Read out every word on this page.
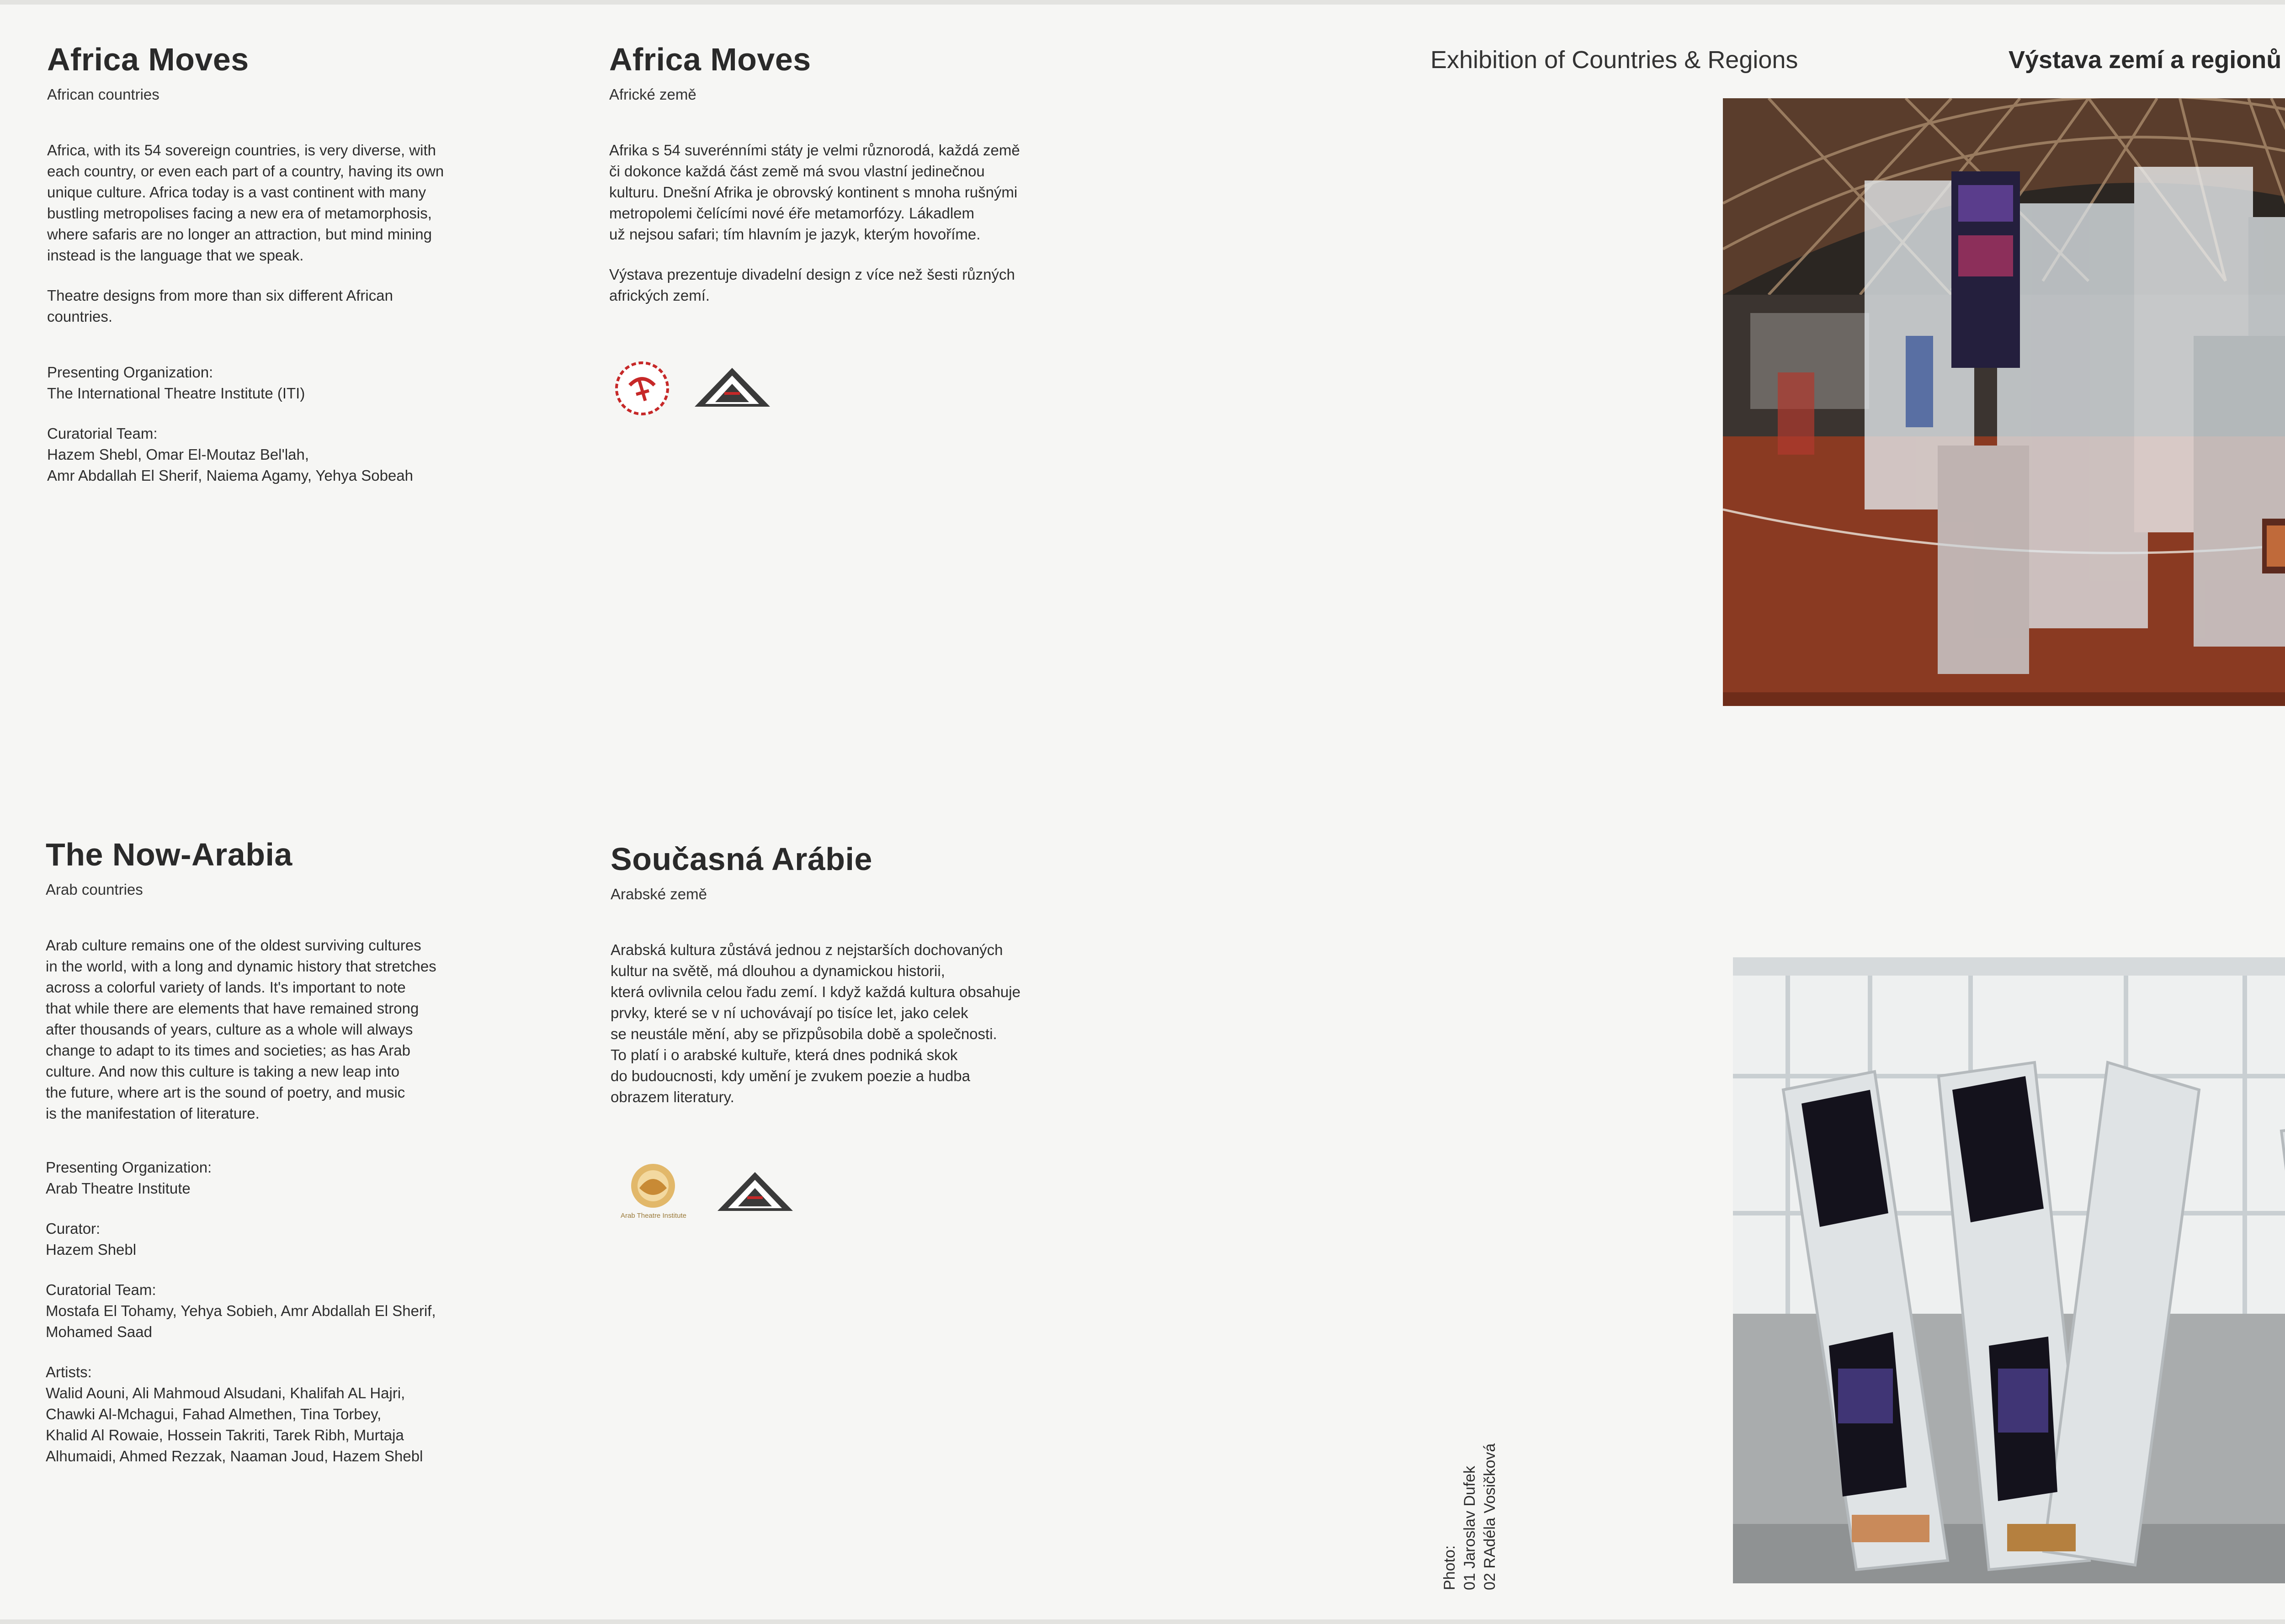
Exhibition of Countries & Regions	Výstava zemí a regionů
Africa Moves

African countries

Africa, with its 54 sovereign countries, is very diverse, with
each country, or even each part of a country, having its own
unique culture. Africa today is a vast continent with many
bustling metropolises facing a new era of metamorphosis,
where safaris are no longer an attraction, but mind mining
instead is the language that we speak.

Theatre designs from more than six different African
countries.

Presenting Organization:

The International Theatre Institute (ITI)

Curatorial Team:

Hazem Shebl, Omar El-Moutaz Bel'lah,
Amr Abdallah El Sherif, Naiema Agamy, Yehya Sobeah

Africa Moves

Africké země

Afrika s 54 suverénními státy je velmi různorodá, každá země
či dokonce každá část země má svou vlastní jedinečnou
kulturu. Dnešní Afrika je obrovský kontinent s mnoha rušnými
metropolemi čelícími nové éře metamorfózy. Lákadlem
už nejsou safari; tím hlavním je jazyk, kterým hovoříme.

Výstava prezentuje divadelní design z více než šesti různých
afrických zemí.

The Now-Arabia

Arab countries

Arab culture remains one of the oldest surviving cultures
in the world, with a long and dynamic history that stretches
across a colorful variety of lands. It's important to note
that while there are elements that have remained strong
after thousands of years, culture as a whole will always
change to adapt to its times and societies; as has Arab
culture. And now this culture is taking a new leap into
the future, where art is the sound of poetry, and music
is the manifestation of literature.

Presenting Organization:

Arab Theatre Institute

Curator:

Hazem Shebl

Curatorial Team:

Mostafa El Tohamy, Yehya Sobieh, Amr Abdallah El Sherif,
Mohamed Saad

Artists:

Walid Aouni, Ali Mahmoud Alsudani, Khalifah AL Hajri,
Chawki Al-Mchagui, Fahad Almethen, Tina Torbey,
Khalid Al Rowaie, Hossein Takriti, Tarek Ribh, Murtaja
Alhumaidi, Ahmed Rezzak, Naaman Joud, Hazem Shebl

Současná Arábie

Arabské země

Arabská kultura zůstává jednou z nejstarších dochovaných
kultur na světě, má dlouhou a dynamickou historii,
která ovlivnila celou řadu zemí. I když každá kultura obsahuje
prvky, které se v ní uchovávají po tisíce let, jako celek
se neustále mění, aby se přizpůsobila době a společnosti.
To platí i o arabské kultuře, která dnes podniká skok
do budoucnosti, kdy umění je zvukem poezie a hudba
obrazem literatury.

Arab Theatre Institute
Photo: 01 Jaroslav Dufek 02 RAdéla Vosičková
